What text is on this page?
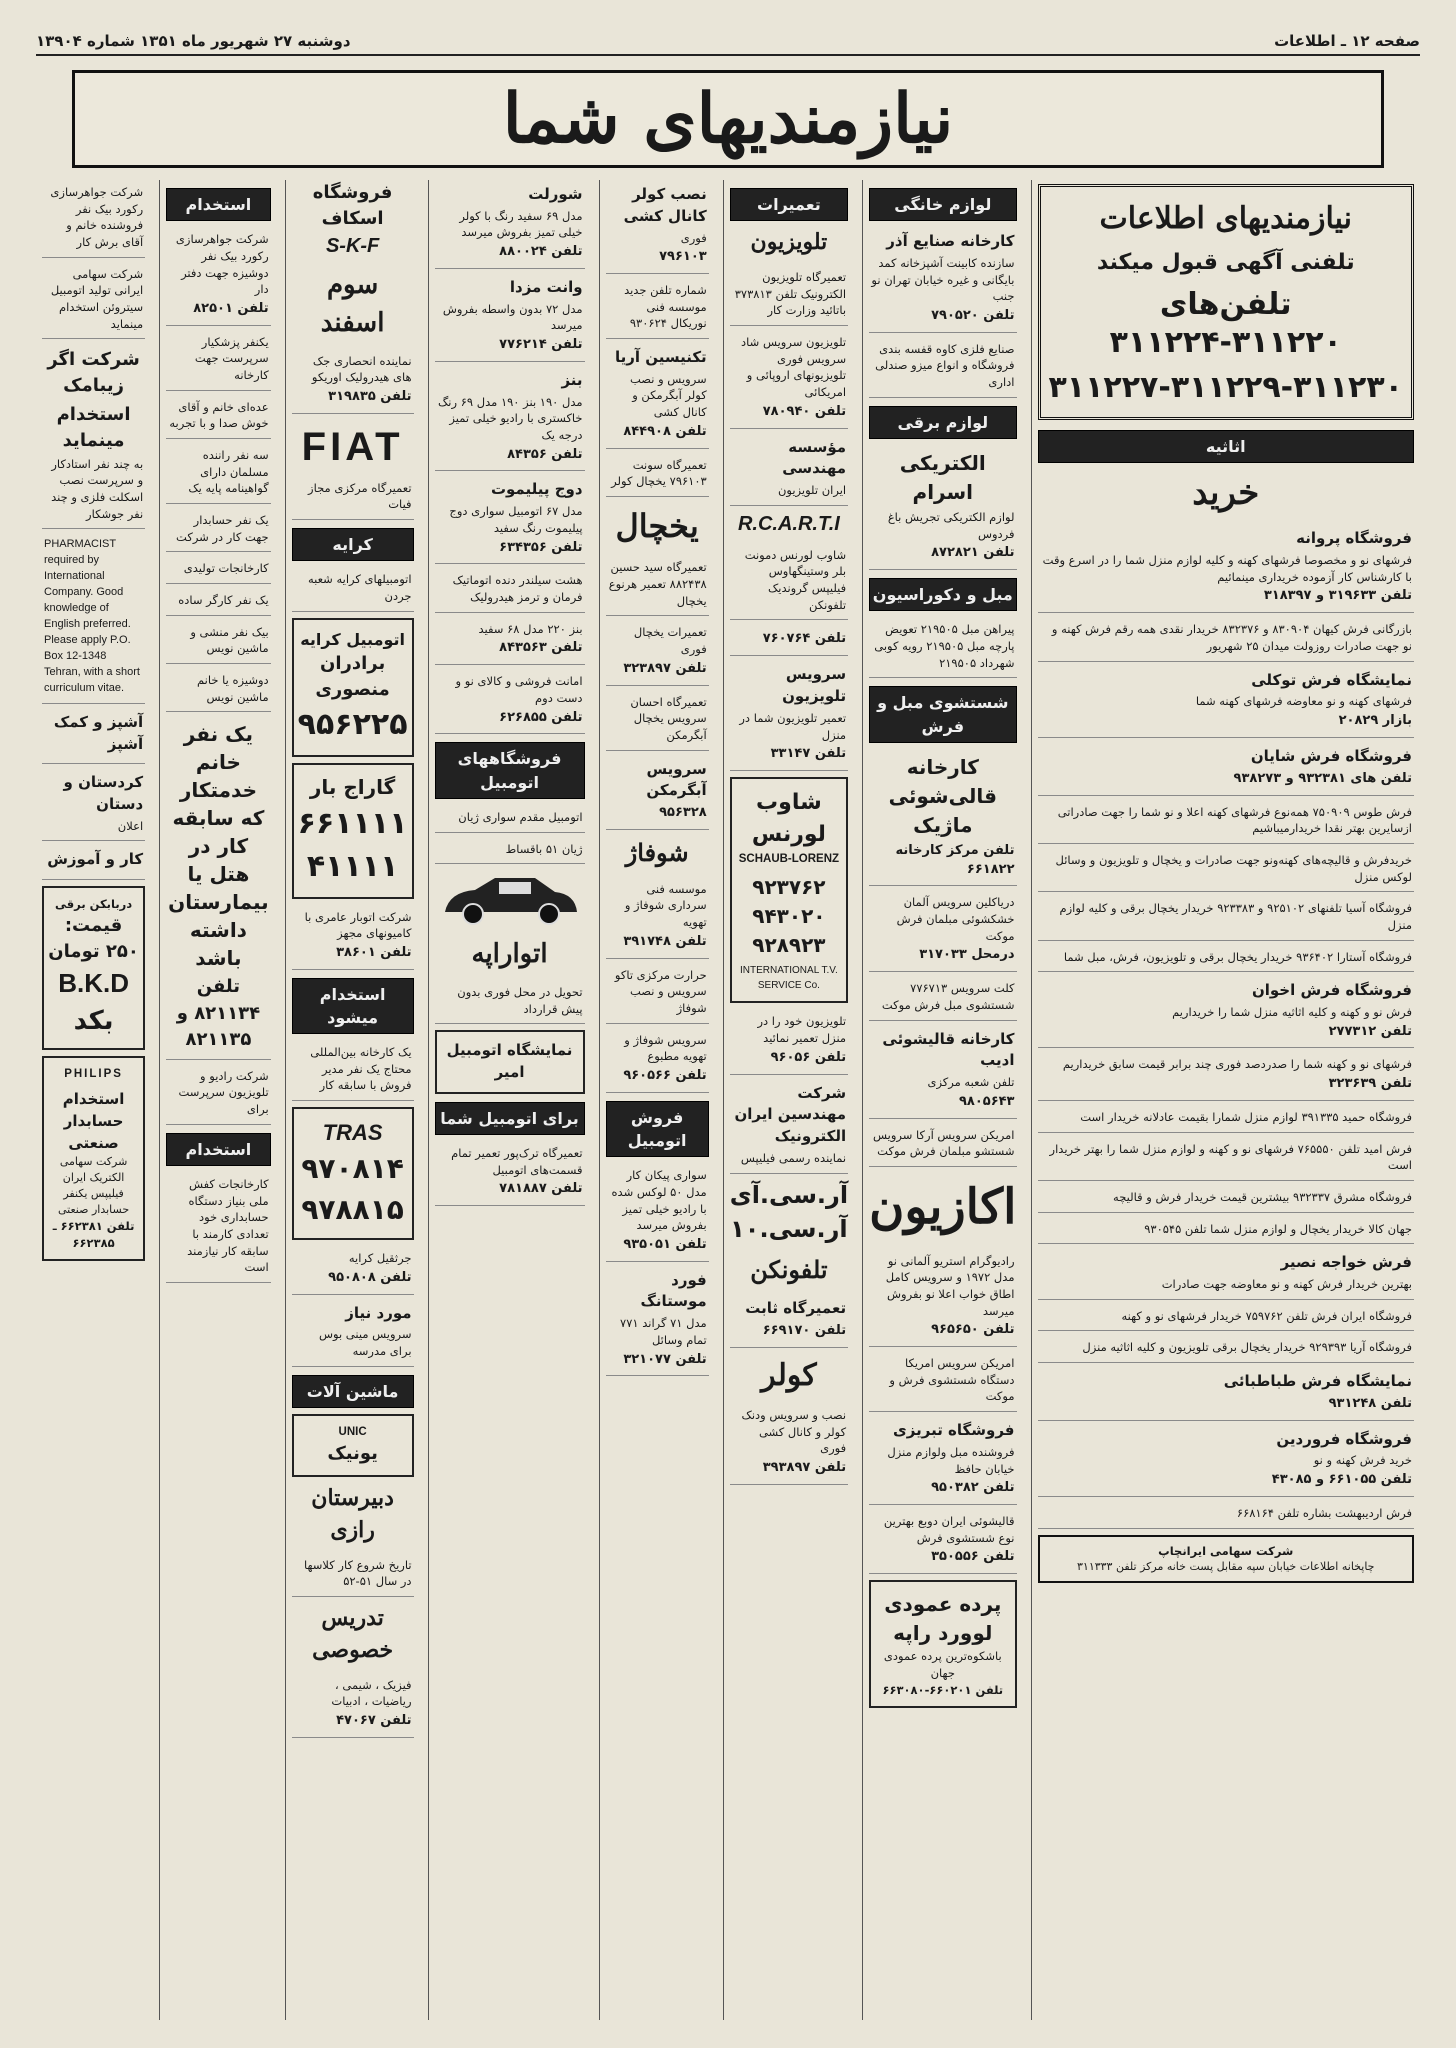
صفحه ۱۲ ـ اطلاعات
دوشنبه ۲۷ شهریور ماه ۱۳۵۱ شماره ۱۳۹۰۴
نیازمندیهای شما
نیازمندیهای اطلاعات
تلفنی آگهی قبول میکند
تلفن‌های ۳۱۱۲۲۰-۳۱۱۲۲۴
۳۱۱۲۲۷-۳۱۱۲۲۹-۳۱۱۲۳۰
اثاثیه
خرید
فروشگاه پروانه
فرشهای نو و مخصوصا فرشهای کهنه و کلیه لوازم منزل شما را در اسرع وقت با کارشناس کار آزموده خریداری مینمائیم
تلفن ۳۱۹۶۳۳ و ۳۱۸۳۹۷
بازرگانی فرش کیهان ۸۳۰۹۰۴ و ۸۳۲۳۷۶ خریدار نقدی همه رقم فرش کهنه و نو جهت صادرات روزولت میدان ۲۵ شهریور
نمایشگاه فرش توکلی
فرشهای کهنه و نو معاوضه فرشهای کهنه شما
بازار ۲۰۸۲۹
فروشگاه فرش شایان
تلفن های ۹۳۲۳۸۱ و ۹۳۸۲۷۳
فرش طوس ۷۵۰۹۰۹ همه‌نوع فرشهای کهنه اعلا و نو شما را جهت صادراتی ازسایرین بهتر نقدا خریدارمیباشیم
خریدفرش و قالیچه‌های کهنه‌ونو جهت صادرات و یخچال و تلویزیون و وسائل لوکس منزل
فروشگاه آسیا تلفنهای ۹۲۵۱۰۲ و ۹۲۳۳۸۳ خریدار یخچال برقی و کلیه لوازم منزل
فروشگاه آستارا ۹۳۶۴۰۲ خریدار یخچال برقی و تلویزیون، فرش، مبل شما
فروشگاه فرش اخوان
فرش نو و کهنه و کلیه اثاثیه منزل شما را خریداریم
تلفن ۲۷۷۳۱۲
فرشهای نو و کهنه شما را صدردصد فوری چند برابر قیمت سابق خریداریم
تلفن ۳۲۳۶۳۹
فروشگاه حمید ۳۹۱۳۳۵ لوازم منزل شمارا بقیمت عادلانه خریدار است
فرش امید تلفن ۷۶۵۵۵۰ فرشهای نو و کهنه و لوازم منزل شما را بهتر خریدار است
فروشگاه مشرق ۹۳۲۳۳۷ بیشترین قیمت خریدار فرش و قالیچه
جهان کالا خریدار یخچال و لوازم منزل شما تلفن ۹۳۰۵۴۵
فرش خواجه نصیر
بهترین خریدار فرش کهنه و نو معاوضه جهت صادرات
فروشگاه ایران فرش تلفن ۷۵۹۷۶۲ خریدار فرشهای نو و کهنه
فروشگاه آریا ۹۲۹۳۹۳ خریدار یخچال برقی تلویزیون و کلیه اثاثیه منزل
نمایشگاه فرش طباطبائی
تلفن ۹۳۱۲۴۸
فروشگاه فروردین
خرید فرش کهنه و نو
تلفن ۶۶۱۰۵۵ و ۴۳۰۸۵
فرش اردیبهشت بشاره تلفن ۶۶۸۱۶۴
شرکت سهامی ایرانچاپ
چاپخانه اطلاعات خیابان سپه مقابل پست خانه مرکز تلفن ۳۱۱۳۳۳
لوازم خانگی
کارخانه صنایع آذر
سازنده کابینت آشپزخانه کمد بایگانی و غیره خیابان تهران نو جنب
تلفن ۷۹۰۵۲۰
صنایع فلزی کاوه قفسه بندی فروشگاه و انواع میزو صندلی اداری
لوازم برقی
الکتریکی اسرام
لوازم الکتریکی تجریش باغ فردوس
تلفن ۸۷۲۸۲۱
مبل و دکوراسیون
پیراهن مبل ۲۱۹۵۰۵ تعویض پارچه مبل ۲۱۹۵۰۵ رویه کوبی شهرداد ۲۱۹۵۰۵
شستشوی مبل و فرش
کارخانه قالی‌شوئی ماژیک
تلفن مرکز کارخانه ۶۶۱۸۲۲
دریاکلین سرویس آلمان خشکشوئی مبلمان فرش موکت
درمحل ۳۱۷۰۳۳
کلت سرویس ۷۷۶۷۱۳ شستشوی مبل فرش موکت
کارخانه قالیشوئی ادیب
تلفن شعبه مرکزی
۹۸۰۵۶۴۳
امریکن سرویس آرکا سرویس شستشو مبلمان فرش موکت
اکازیون
رادیوگرام استریو آلمانی نو مدل ۱۹۷۲ و سرویس کامل اطاق خواب اعلا نو بفروش میرسد
تلفن ۹۶۵۶۵۰
امریکن سرویس امریکا دستگاه شستشوی فرش و موکت
فروشگاه تبریزی
فروشنده مبل ولوازم منزل خیابان حافظ
تلفن ۹۵۰۳۸۲
قالیشوئی ایران دوبع بهترین نوع شستشوی فرش
تلفن ۳۵۰۵۵۶
پرده عمودی لوورد راپه
باشکوه‌ترین پرده عمودی جهان
تلفن ۶۶۰۲۰۱-۶۶۳۰۸۰
تعمیرات
تلویزیون
تعمیرگاه تلویزیون الکترونیک تلفن ۳۷۳۸۱۳ باتائید وزارت کار
تلویزیون سرویس شاد سرویس فوری تلویزیونهای اروپائی و امریکائی
تلفن ۷۸۰۹۴۰
مؤسسه مهندسی
ایران تلویزیون
R.C.A.R.T.I
شاوب لورنس دمونت بلر وستینگهاوس فیلیپس گروندیک تلفونکن
تلفن ۷۶۰۷۶۴
سرویس تلویزیون
تعمیر تلویزیون شما در منزل
تلفن ۳۳۱۴۷
شاوب لورنس
SCHAUB-LORENZ
۹۲۳۷۶۲ ۹۴۳۰۲۰ ۹۲۸۹۲۳
INTERNATIONAL T.V. SERVICE Co.
تلویزیون خود را در منزل تعمیر نمائید
تلفن ۹۶۰۵۶
شرکت مهندسین ایران الکترونیک
نماینده رسمی فیلیپس
آر.سی.آی آر.سی.۱۰
تلفونکن
تعمیرگاه ثابت
تلفن ۶۶۹۱۷۰
کولر
نصب و سرویس ودنک کولر و کانال کشی فوری
تلفن ۳۹۳۸۹۷
نصب کولر کانال کشی
فوری
۷۹۶۱۰۳
شماره تلفن جدید موسسه فنی نوریکال ۹۳۰۶۲۴
تکنیسین آریا
سرویس و نصب کولر آبگرمکن و کانال کشی
تلفن ۸۴۴۹۰۸
تعمیرگاه سونت ۷۹۶۱۰۳ یخچال کولر
یخچال
تعمیرگاه سید حسین ۸۸۲۴۳۸ تعمیر هرنوع یخچال
تعمیرات یخچال فوری
تلفن ۳۲۳۸۹۷
تعمیرگاه احسان سرویس یخچال آبگرمکن
سرویس آبگرمکن
۹۵۶۳۲۸
شوفاژ
موسسه فنی سرداری شوفاژ و تهویه
تلفن ۳۹۱۷۴۸
حرارت مرکزی تاکو سرویس و نصب شوفاژ
سرویس شوفاژ و تهویه مطبوع
تلفن ۹۶۰۵۶۶
فروش اتومبیل
سواری پیکان کار مدل ۵۰ لوکس شده با رادیو خیلی تمیز بفروش میرسد
تلفن ۹۳۵۰۵۱
فورد موستانگ
مدل ۷۱ گراند ۷۷۱ تمام وسائل
تلفن ۳۲۱۰۷۷
شورلت
مدل ۶۹ سفید رنگ با کولر خیلی تمیز بفروش میرسد
تلفن ۸۸۰۰۲۴
وانت مزدا
مدل ۷۲ بدون واسطه بفروش میرسد
تلفن ۷۷۶۲۱۴
بنز
مدل ۱۹۰ بنز ۱۹۰ مدل ۶۹ رنگ خاکستری با رادیو خیلی تمیز درجه یک
تلفن ۸۴۳۵۶
دوج پیلیموت
مدل ۶۷ اتومبیل سواری دوج پیلیموت رنگ سفید
تلفن ۶۳۴۳۵۶
هشت سیلندر دنده اتوماتیک فرمان و ترمز هیدرولیک
بنز ۲۲۰ مدل ۶۸ سفید
تلفن ۸۴۳۵۶۳
امانت فروشی و کالای نو و دست دوم
تلفن ۶۲۶۸۵۵
فروشگاههای اتومبیل
اتومبیل مقدم سواری ژیان
ژیان ۵۱ باقساط
اتواراپه
تحویل در محل فوری بدون پیش قرارداد
نمایشگاه اتومبیل امیر
برای اتومبیل شما
تعمیرگاه ترک‌پور تعمیر تمام قسمت‌های اتومبیل
تلفن ۷۸۱۸۸۷
فروشگاه
اسکاف
S-K-F
سوم اسفند
نماینده انحصاری جک های هیدرولیک اوریکو
تلفن ۳۱۹۸۳۵
FIAT
تعمیرگاه مرکزی مجاز فیات
کرایه
اتومبیلهای کرایه شعبه جردن
اتومبیل کرایه
برادران منصوری
۹۵۶۲۲۵
گاراج بار
۶۶۱۱۱۱ ۴۱۱۱۱
شرکت اتوبار عامری با کامیونهای مجهز
تلفن ۳۸۶۰۱
استخدام میشود
یک کارخانه بین‌المللی محتاج یک نفر مدیر فروش با سابقه کار
TRAS
۹۷۰۸۱۴ ۹۷۸۸۱۵
جرثقیل کرایه
تلفن ۹۵۰۸۰۸
مورد نیاز
سرویس مینی بوس برای مدرسه
ماشین آلات
UNIC
یونیک
دبیرستان رازی
تاریخ شروع کار کلاسها در سال ۵۱-۵۲
تدریس خصوصی
فیزیک ، شیمی ، ریاضیات ، ادبیات
تلفن ۴۷۰۶۷
استخدام
شرکت جواهرسازی رکورد بیک نفر دوشیزه جهت دفتر دار
تلفن ۸۲۵۰۱
یکنفر پزشکیار سرپرست جهت کارخانه
عده‌ای خانم و آقای خوش صدا و با تجربه
سه نفر راننده مسلمان دارای گواهینامه پایه یک
یک نفر حسابدار جهت کار در شرکت
کارخانجات تولیدی
یک نفر کارگر ساده
بیک نفر منشی و ماشین نویس
دوشیزه یا خانم ماشین نویس
یک نفر خانم خدمتکار که سابقه کار در هتل یا بیمارستان داشته باشد
تلفن ۸۲۱۱۳۴ و ۸۲۱۱۳۵
شرکت رادیو و تلویزیون سرپرست برای
استخدام
کارخانجات کفش ملی بنیاز دستگاه حسابداری خود تعدادی کارمند با سابقه کار نیازمند است
شرکت جواهرسازی رکورد بیک نفر فروشنده خانم و آقای برش کار
شرکت سهامی ایرانی تولید اتومبیل سیتروئن استخدام مینماید
شرکت اگر زیبامک
استخدام مینماید
به چند نفر استادکار و سرپرست نصب اسکلت فلزی و چند نفر جوشکار
PHARMACIST required by International Company. Good knowledge of English preferred. Please apply P.O. Box 12-1348 Tehran, with a short curriculum vitae.
آشپز و کمک آشپز
کردستان و دستان
اعلان
کار و آموزش
دربابکن برقی
قیمت: ۲۵۰ تومان
B.K.D
بکد
PHILIPS
استخدام حسابدار صنعتی
شرکت سهامی الکتریک ایران فیلیپس یکنفر حسابدار صنعتی
تلفن ۶۶۲۳۸۱ ـ ۶۶۲۳۸۵
